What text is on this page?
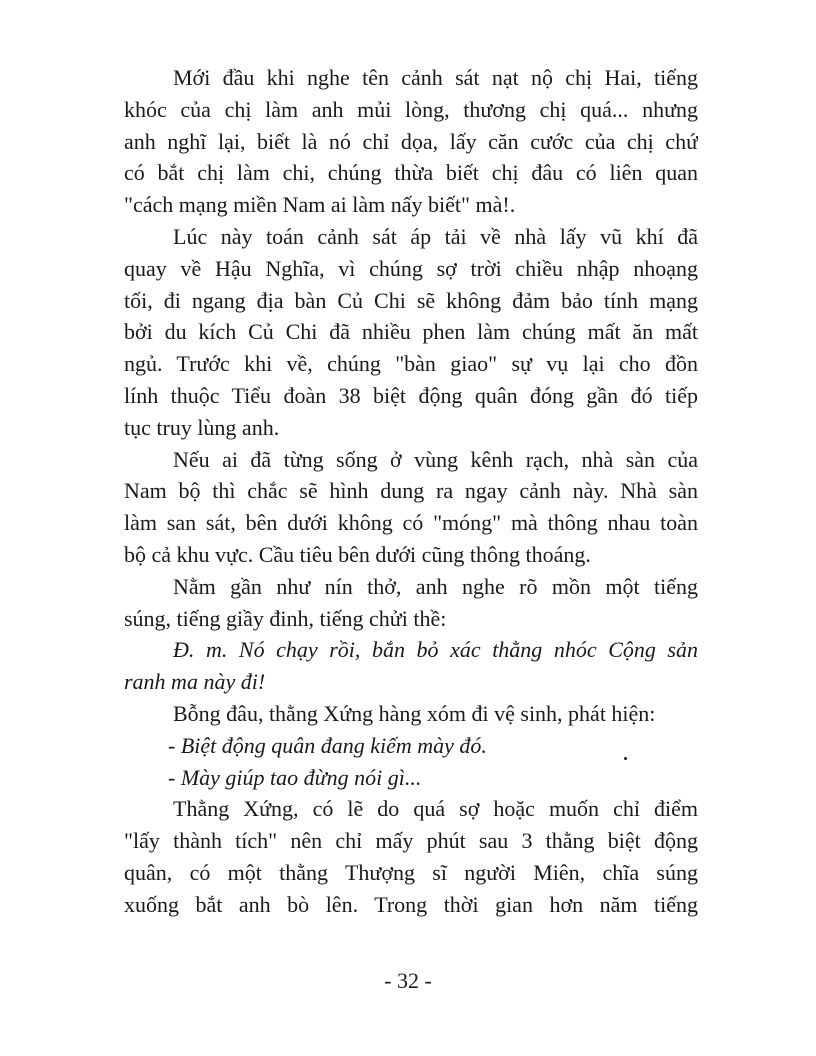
Mới đầu khi nghe tên cảnh sát nạt nộ chị Hai, tiếng
khóc của chị làm anh mủi lòng, thương chị quá... nhưng
anh nghĩ lại, biết là nó chỉ dọa, lấy căn cước của chị chứ
có bắt chị làm chi, chúng thừa biết chị đâu có liên quan
"cách mạng miền Nam ai làm nấy biết" mà!.
Lúc này toán cảnh sát áp tải về nhà lấy vũ khí đã
quay về Hậu Nghĩa, vì chúng sợ trời chiều nhập nhoạng
tối, đi ngang địa bàn Củ Chi sẽ không đảm bảo tính mạng
bởi du kích Củ Chi đã nhiều phen làm chúng mất ăn mất
ngủ. Trước khi về, chúng "bàn giao" sự vụ lại cho đồn
lính thuộc Tiểu đoàn 38 biệt động quân đóng gần đó tiếp
tục truy lùng anh.
Nếu ai đã từng sống ở vùng kênh rạch, nhà sàn của
Nam bộ thì chắc sẽ hình dung ra ngay cảnh này. Nhà sàn
làm san sát, bên dưới không có "móng" mà thông nhau toàn
bộ cả khu vực. Cầu tiêu bên dưới cũng thông thoáng.
Nằm gần như nín thở, anh nghe rõ mồn một tiếng
súng, tiếng giầy đinh, tiếng chửi thề:
Đ. m. Nó chạy rồi, bắn bỏ xác thằng nhóc Cộng sản
ranh ma này đi!
Bỗng đâu, thằng Xứng hàng xóm đi vệ sinh, phát hiện:
- Biệt động quân đang kiếm mày đó.
- Mày giúp tao đừng nói gì...
Thằng Xứng, có lẽ do quá sợ hoặc muốn chỉ điểm
"lấy thành tích" nên chỉ mấy phút sau 3 thằng biệt động
quân, có một thằng Thượng sĩ người Miên, chĩa súng
xuống bắt anh bò lên. Trong thời gian hơn năm tiếng
- 32 -
